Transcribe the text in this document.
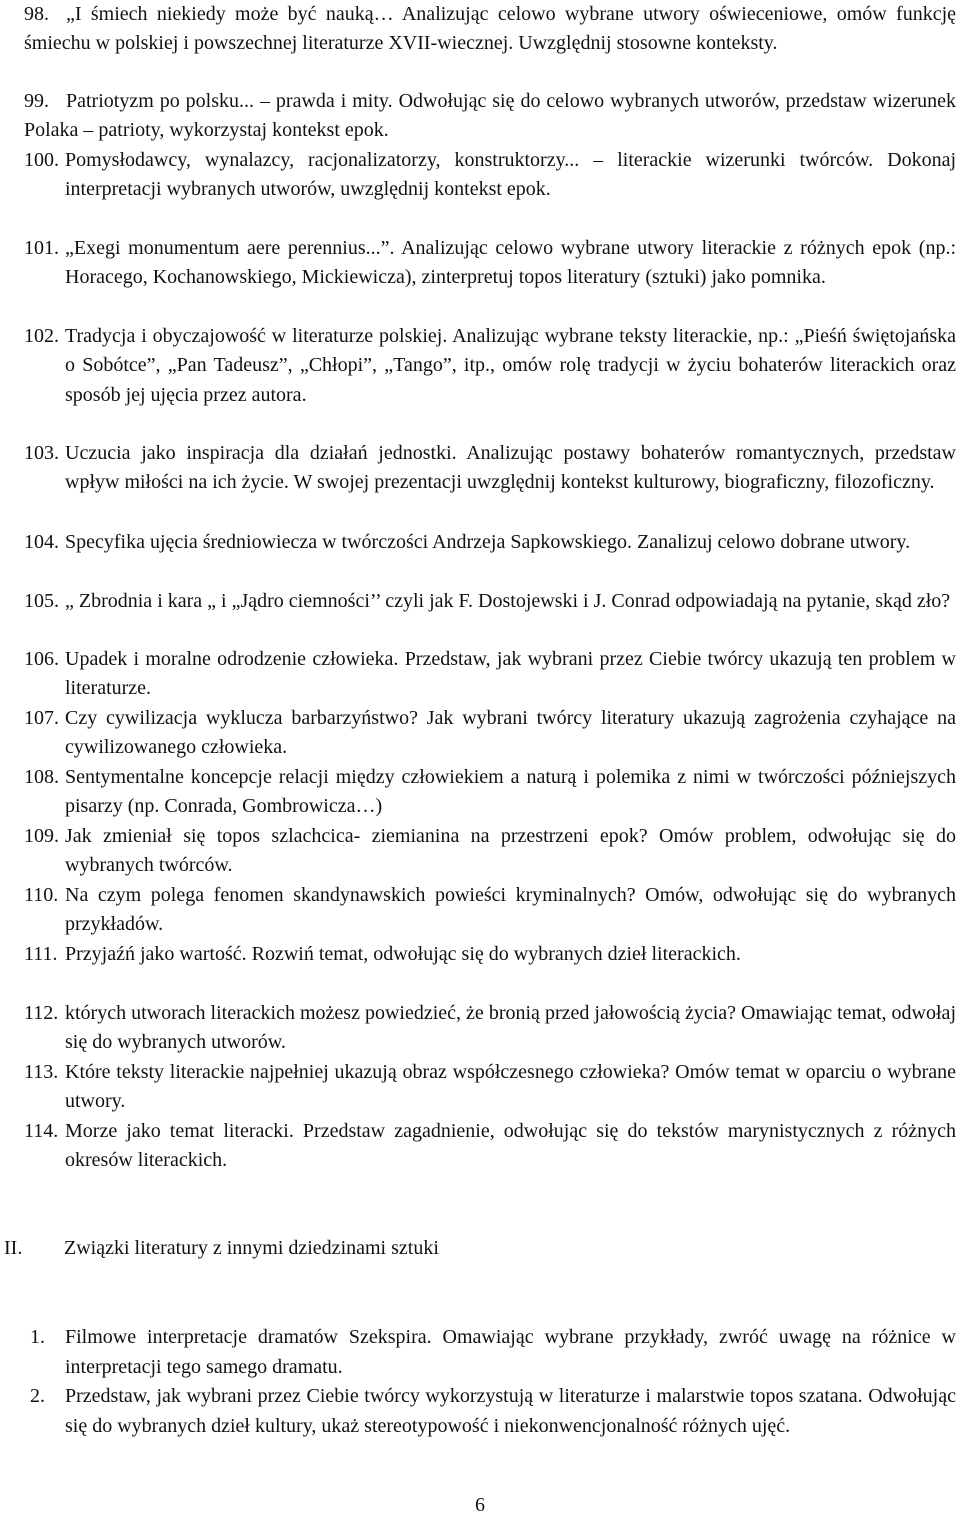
98. „I śmiech niekiedy może być nauką… Analizując celowo wybrane utwory oświeceniowe, omów funkcję śmiechu w polskiej i powszechnej literaturze XVII-wiecznej. Uwzględnij stosowne konteksty.
99. Patriotyzm po polsku... – prawda i mity. Odwołując się do celowo wybranych utworów, przedstaw wizerunek Polaka – patrioty, wykorzystaj kontekst epok.
100. Pomysłodawcy, wynalazcy, racjonalizatorzy, konstruktorzy... – literackie wizerunki twórców. Dokonaj interpretacji wybranych utworów, uwzględnij kontekst epok.
101. „Exegi monumentum aere perennius...”. Analizując celowo wybrane utwory literackie z różnych epok (np.: Horacego, Kochanowskiego, Mickiewicza), zinterpretuj topos literatury (sztuki) jako pomnika.
102. Tradycja i obyczajowość w literaturze polskiej. Analizując wybrane teksty literackie, np.: „Pieśń świętojańska o Sobótce”, „Pan Tadeusz”, „Chłopi”, „Tango”, itp., omów rolę tradycji w życiu bohaterów literackich oraz sposób jej ujęcia przez autora.
103. Uczucia jako inspiracja dla działań jednostki. Analizując postawy bohaterów romantycznych, przedstaw wpływ miłości na ich życie. W swojej prezentacji uwzględnij kontekst kulturowy, biograficzny, filozoficzny.
104. Specyfika ujęcia średniowiecza w twórczości Andrzeja Sapkowskiego. Zanalizuj celowo dobrane utwory.
105. „ Zbrodnia i kara „ i „Jądro ciemności’’ czyli jak F. Dostojewski i J. Conrad odpowiadają na pytanie, skąd zło?
106. Upadek i moralne odrodzenie człowieka. Przedstaw, jak wybrani przez Ciebie twórcy ukazują ten problem w literaturze.
107. Czy cywilizacja wyklucza barbarzyństwo? Jak wybrani twórcy literatury ukazują zagrożenia czyhające na cywilizowanego człowieka.
108. Sentymentalne koncepcje relacji między człowiekiem a naturą i polemika z nimi w twórczości późniejszych pisarzy (np. Conrada, Gombrowicza…)
109. Jak zmieniał się topos szlachcica- ziemianina na przestrzeni epok? Omów problem, odwołując się do wybranych twórców.
110. Na czym polega fenomen skandynawskich powieści kryminalnych? Omów, odwołując się do wybranych przykładów.
111. Przyjaźń jako wartość. Rozwiń temat, odwołując się do wybranych dzieł literackich.
112. których utworach literackich możesz powiedzieć, że bronią przed jałowością życia? Omawiając temat, odwołaj się do wybranych utworów.
113. Które teksty literackie najpełniej ukazują obraz współczesnego człowieka? Omów temat w oparciu o wybrane utwory.
114. Morze jako temat literacki. Przedstaw zagadnienie, odwołując się do tekstów marynistycznych z różnych okresów literackich.
II. Związki literatury z innymi dziedzinami sztuki
1. Filmowe interpretacje dramatów Szekspira. Omawiając wybrane przykłady, zwróć uwagę na różnice w interpretacji tego samego dramatu.
2. Przedstaw, jak wybrani przez Ciebie twórcy wykorzystują w literaturze i malarstwie topos szatana. Odwołując się do wybranych dzieł kultury, ukaż stereotypowość i niekonwencjonalność różnych ujęć.
6
